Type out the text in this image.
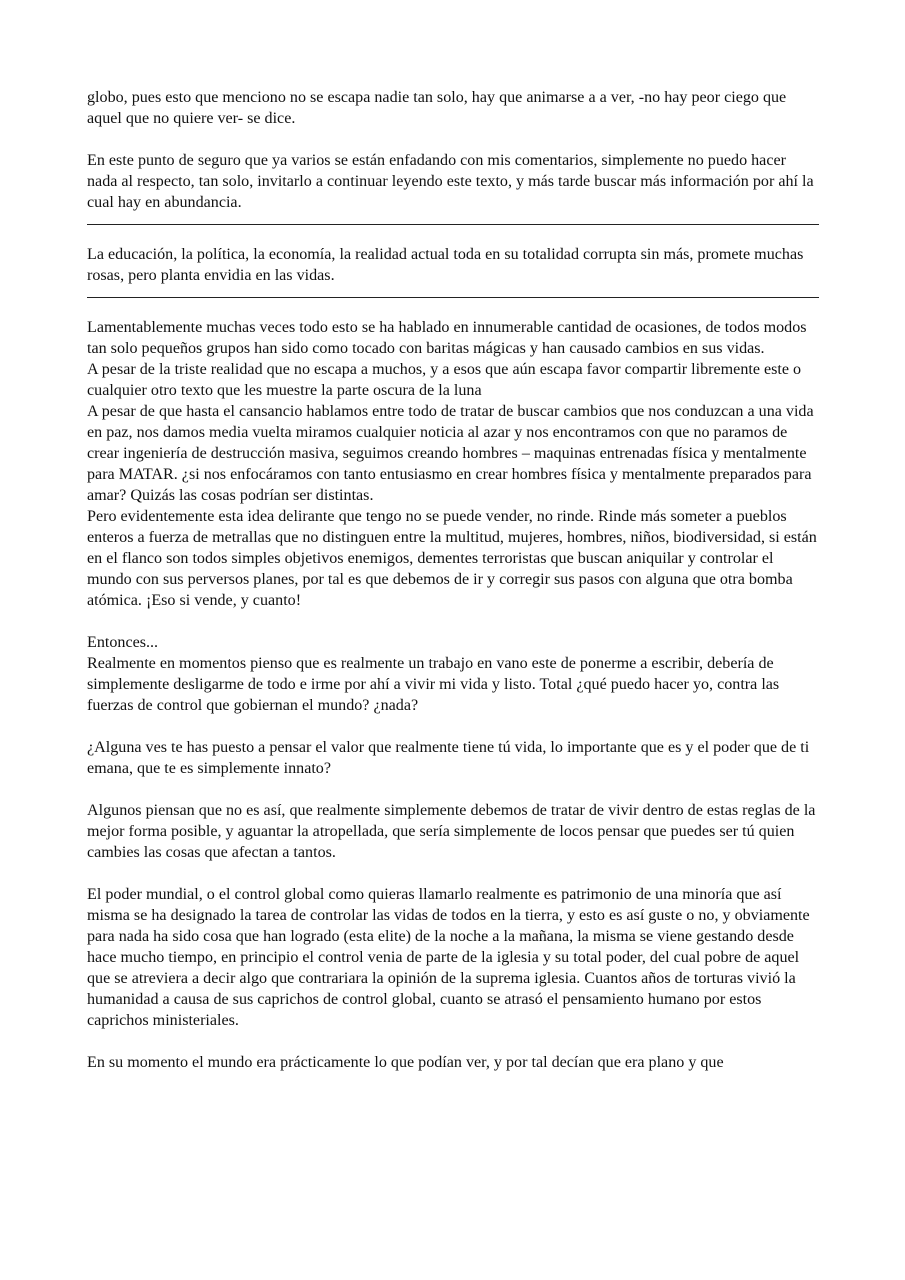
globo, pues esto que menciono no se escapa nadie tan solo, hay que animarse a a ver, -no hay peor ciego que aquel que no quiere ver- se dice.

En este punto de seguro que ya varios se están enfadando con mis comentarios, simplemente no puedo hacer nada al respecto, tan solo, invitarlo a continuar leyendo este texto, y más tarde buscar más información por ahí la cual hay en abundancia.

La educación, la política, la economía, la realidad actual toda en su totalidad corrupta sin más, promete muchas rosas, pero planta envidia en las vidas.

Lamentablemente muchas veces todo esto se ha hablado en innumerable cantidad de ocasiones, de todos modos tan solo pequeños grupos han sido como tocado con baritas mágicas y han causado cambios en sus vidas.

A pesar de la triste realidad que no escapa a muchos, y a esos que aún escapa favor compartir libremente este o cualquier otro texto que les muestre la parte oscura de la luna

A pesar de que hasta el cansancio hablamos entre todo de tratar de buscar cambios que nos conduzcan a una vida en paz, nos damos media vuelta miramos cualquier noticia al azar y nos encontramos con que no paramos de crear ingeniería de destrucción masiva, seguimos creando hombres – maquinas entrenadas física y mentalmente para MATAR. ¿si nos enfocáramos con tanto entusiasmo en crear hombres física y mentalmente preparados para amar? Quizás las cosas podrían ser distintas.

Pero evidentemente esta idea delirante que tengo no se puede vender, no rinde. Rinde más someter a pueblos enteros a fuerza de metrallas que no distinguen entre la multitud, mujeres, hombres, niños, biodiversidad, si están en el flanco son todos simples objetivos enemigos, dementes terroristas que buscan aniquilar y controlar el mundo con sus perversos planes, por tal es que debemos de ir y corregir sus pasos con alguna que otra bomba atómica. ¡Eso si vende, y cuanto!

Entonces...

Realmente en momentos pienso que es realmente un trabajo en vano este de ponerme a escribir, debería de simplemente desligarme de todo e irme por ahí a vivir mi vida y listo. Total ¿qué puedo hacer yo, contra las fuerzas de control que gobiernan el mundo? ¿nada?

¿Alguna ves te has puesto a pensar el valor que realmente tiene tú vida, lo importante que es y el poder que de ti emana, que te es simplemente innato?

Algunos piensan que no es así, que realmente simplemente debemos de tratar de vivir dentro de estas reglas de la mejor forma posible, y aguantar la atropellada, que sería simplemente de locos pensar que puedes ser tú quien cambies las cosas que afectan a tantos.

El poder mundial, o el control global como quieras llamarlo realmente es patrimonio de una minoría que así misma se ha designado la tarea de controlar las vidas de todos en la tierra, y esto es así guste o no, y obviamente para nada ha sido cosa que han logrado (esta elite) de la noche a la mañana, la misma se viene gestando desde hace mucho tiempo, en principio el control venia de parte de la iglesia y su total poder, del cual pobre de aquel que se atreviera a decir algo que contrariara la opinión de la suprema iglesia. Cuantos años de torturas vivió la humanidad a causa de sus caprichos de control global, cuanto se atrasó el pensamiento humano por estos caprichos ministeriales.

En su momento el mundo era prácticamente lo que podían ver, y por tal decían que era plano y que
